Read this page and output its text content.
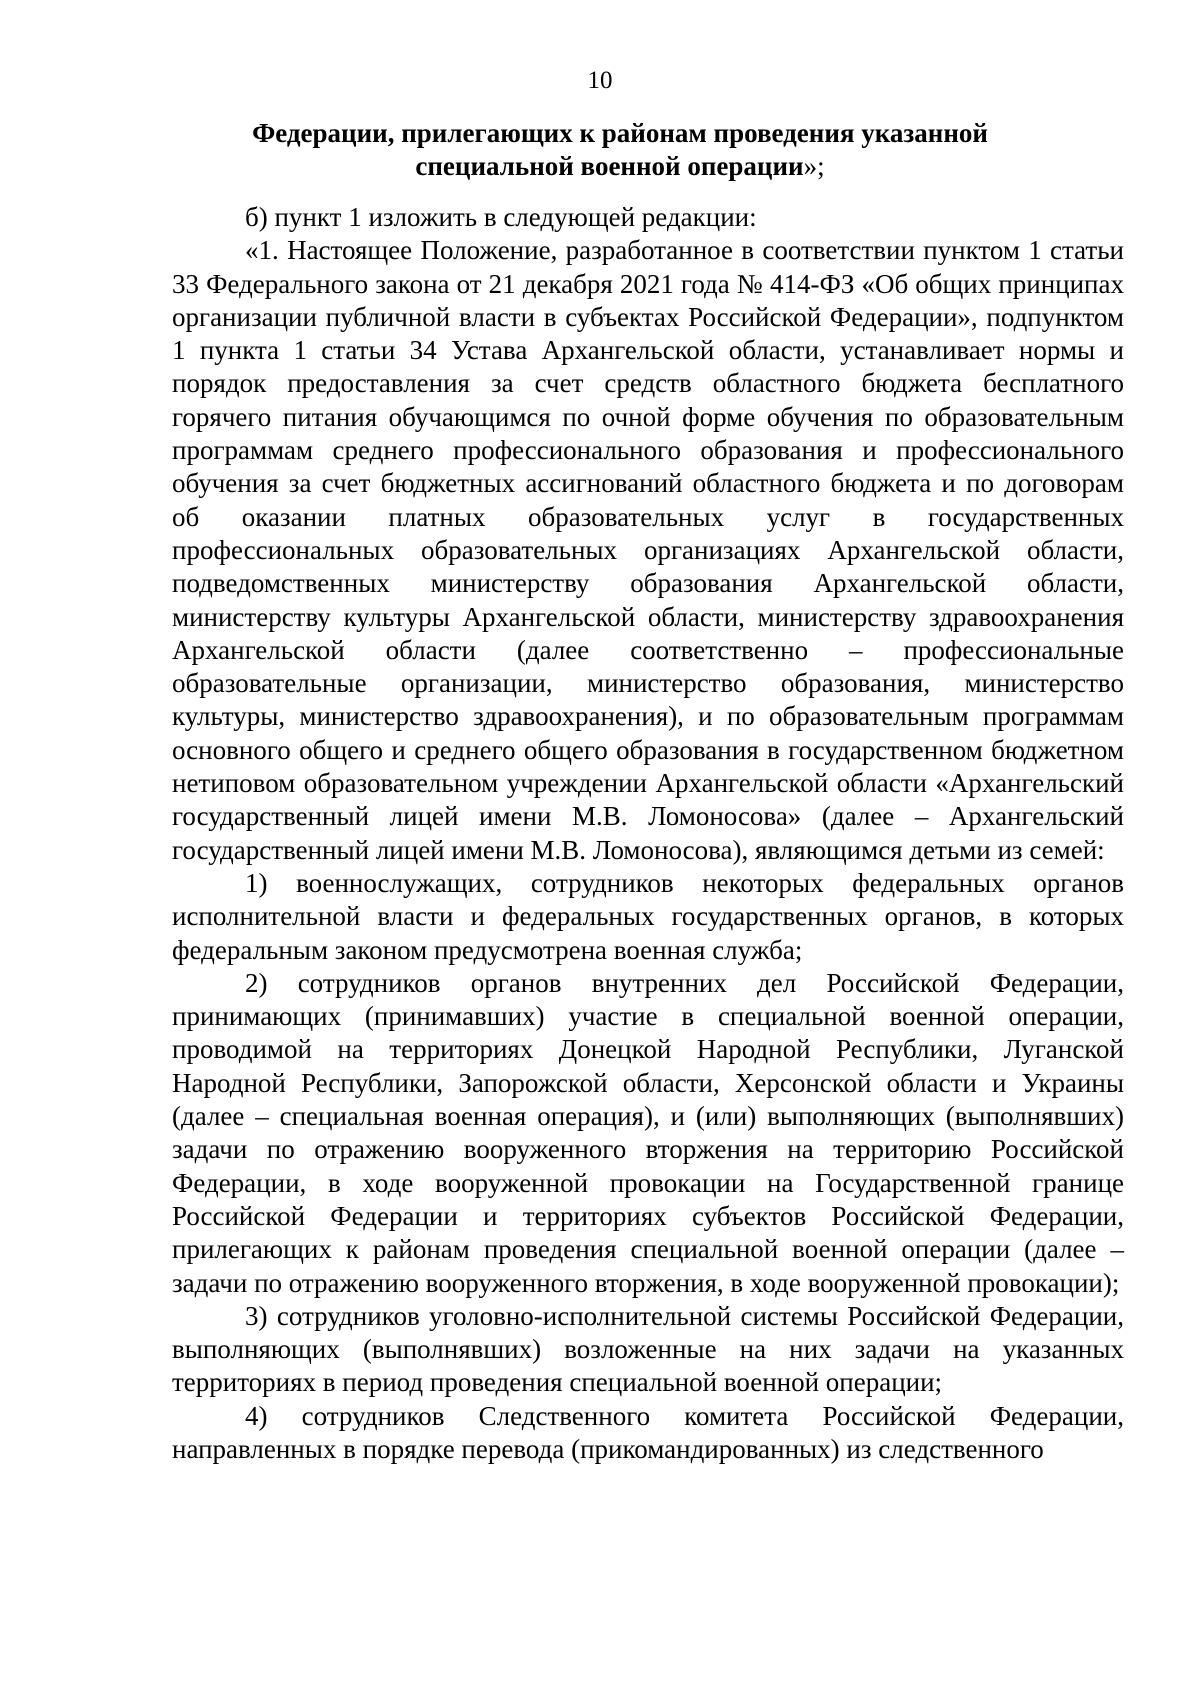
10
Федерации, прилегающих к районам проведения указанной специальной военной операции»;

б) пункт 1 изложить в следующей редакции:

«1. Настоящее Положение, разработанное в соответствии пунктом 1 статьи 33 Федерального закона от 21 декабря 2021 года № 414-ФЗ «Об общих принципах организации публичной власти в субъектах Российской Федерации», подпунктом 1 пункта 1 статьи 34 Устава Архангельской области, устанавливает нормы и порядок предоставления за счет средств областного бюджета бесплатного горячего питания обучающимся по очной форме обучения по образовательным программам среднего профессионального образования и профессионального обучения за счет бюджетных ассигнований областного бюджета и по договорам об оказании платных образовательных услуг в государственных профессиональных образовательных организациях Архангельской области, подведомственных министерству образования Архангельской области, министерству культуры Архангельской области, министерству здравоохранения Архангельской области (далее соответственно – профессиональные образовательные организации, министерство образования, министерство культуры, министерство здравоохранения), и по образовательным программам основного общего и среднего общего образования в государственном бюджетном нетиповом образовательном учреждении Архангельской области «Архангельский государственный лицей имени М.В. Ломоносова» (далее – Архангельский государственный лицей имени М.В. Ломоносова), являющимся детьми из семей:

1) военнослужащих, сотрудников некоторых федеральных органов исполнительной власти и федеральных государственных органов, в которых федеральным законом предусмотрена военная служба;

2) сотрудников органов внутренних дел Российской Федерации, принимающих (принимавших) участие в специальной военной операции, проводимой на территориях Донецкой Народной Республики, Луганской Народной Республики, Запорожской области, Херсонской области и Украины (далее – специальная военная операция), и (или) выполняющих (выполнявших) задачи по отражению вооруженного вторжения на территорию Российской Федерации, в ходе вооруженной провокации на Государственной границе Российской Федерации и территориях субъектов Российской Федерации, прилегающих к районам проведения специальной военной операции (далее – задачи по отражению вооруженного вторжения, в ходе вооруженной провокации);

3) сотрудников уголовно-исполнительной системы Российской Федерации, выполняющих (выполнявших) возложенные на них задачи на указанных территориях в период проведения специальной военной операции;

4) сотрудников Следственного комитета Российской Федерации, направленных в порядке перевода (прикомандированных) из следственного
